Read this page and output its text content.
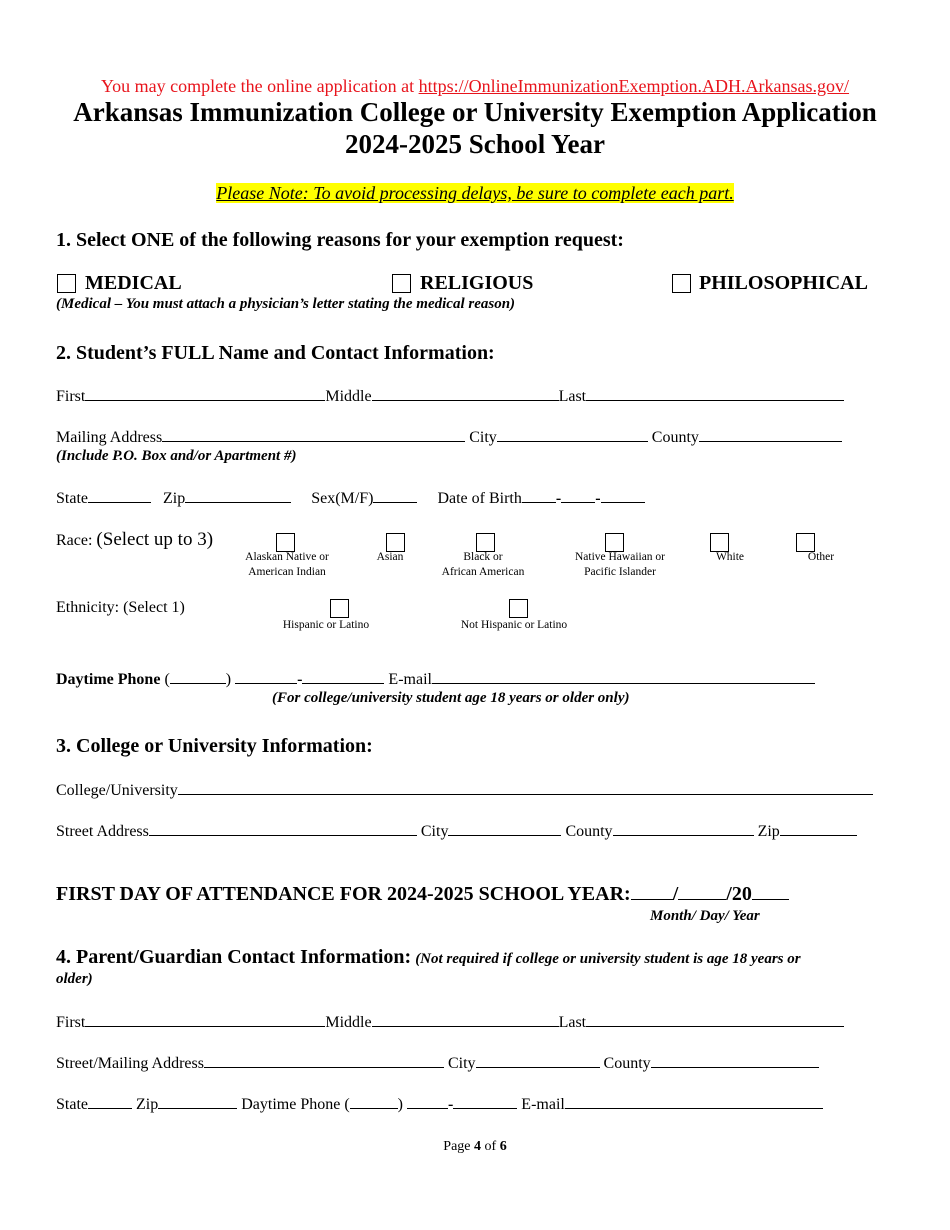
You may complete the online application at https://OnlineImmunizationExemption.ADH.Arkansas.gov/
Arkansas Immunization College or University Exemption Application
2024-2025 School Year
Please Note: To avoid processing delays, be sure to complete each part.
1. Select ONE of the following reasons for your exemption request:
MEDICAL	RELIGIOUS	PHILOSOPHICAL
(Medical – You must attach a physician’s letter stating the medical reason)
2. Student’s FULL Name and Contact Information:
First	Middle	Last
Mailing Address	City	County
(Include P.O. Box and/or Apartment #)
State	Zip	Sex(M/F)	Date of Birth - -
Race: (Select up to 3)
Alaskan Native or
American Indian
Asian	Black or
African American
Native Hawaiian or
Pacific Islander
White	Other
Ethnicity: (Select 1)
Hispanic or Latino	Not Hispanic or Latino
Daytime Phone (	)	-	E-mail
(For college/university student age 18 years or older only)
3. College or University Information:
College/University
Street Address	City	County	Zip
FIRST DAY OF ATTENDANCE FOR 2024-2025 SCHOOL YEAR: / /20
Month/ Day/ Year
4. Parent/Guardian Contact Information: (Not required if college or university student is age 18 years or
older)
First	Middle	Last
Street/Mailing Address	City	County
State	Zip	Daytime Phone (	)	-	E-mail
Page 4 of 6
